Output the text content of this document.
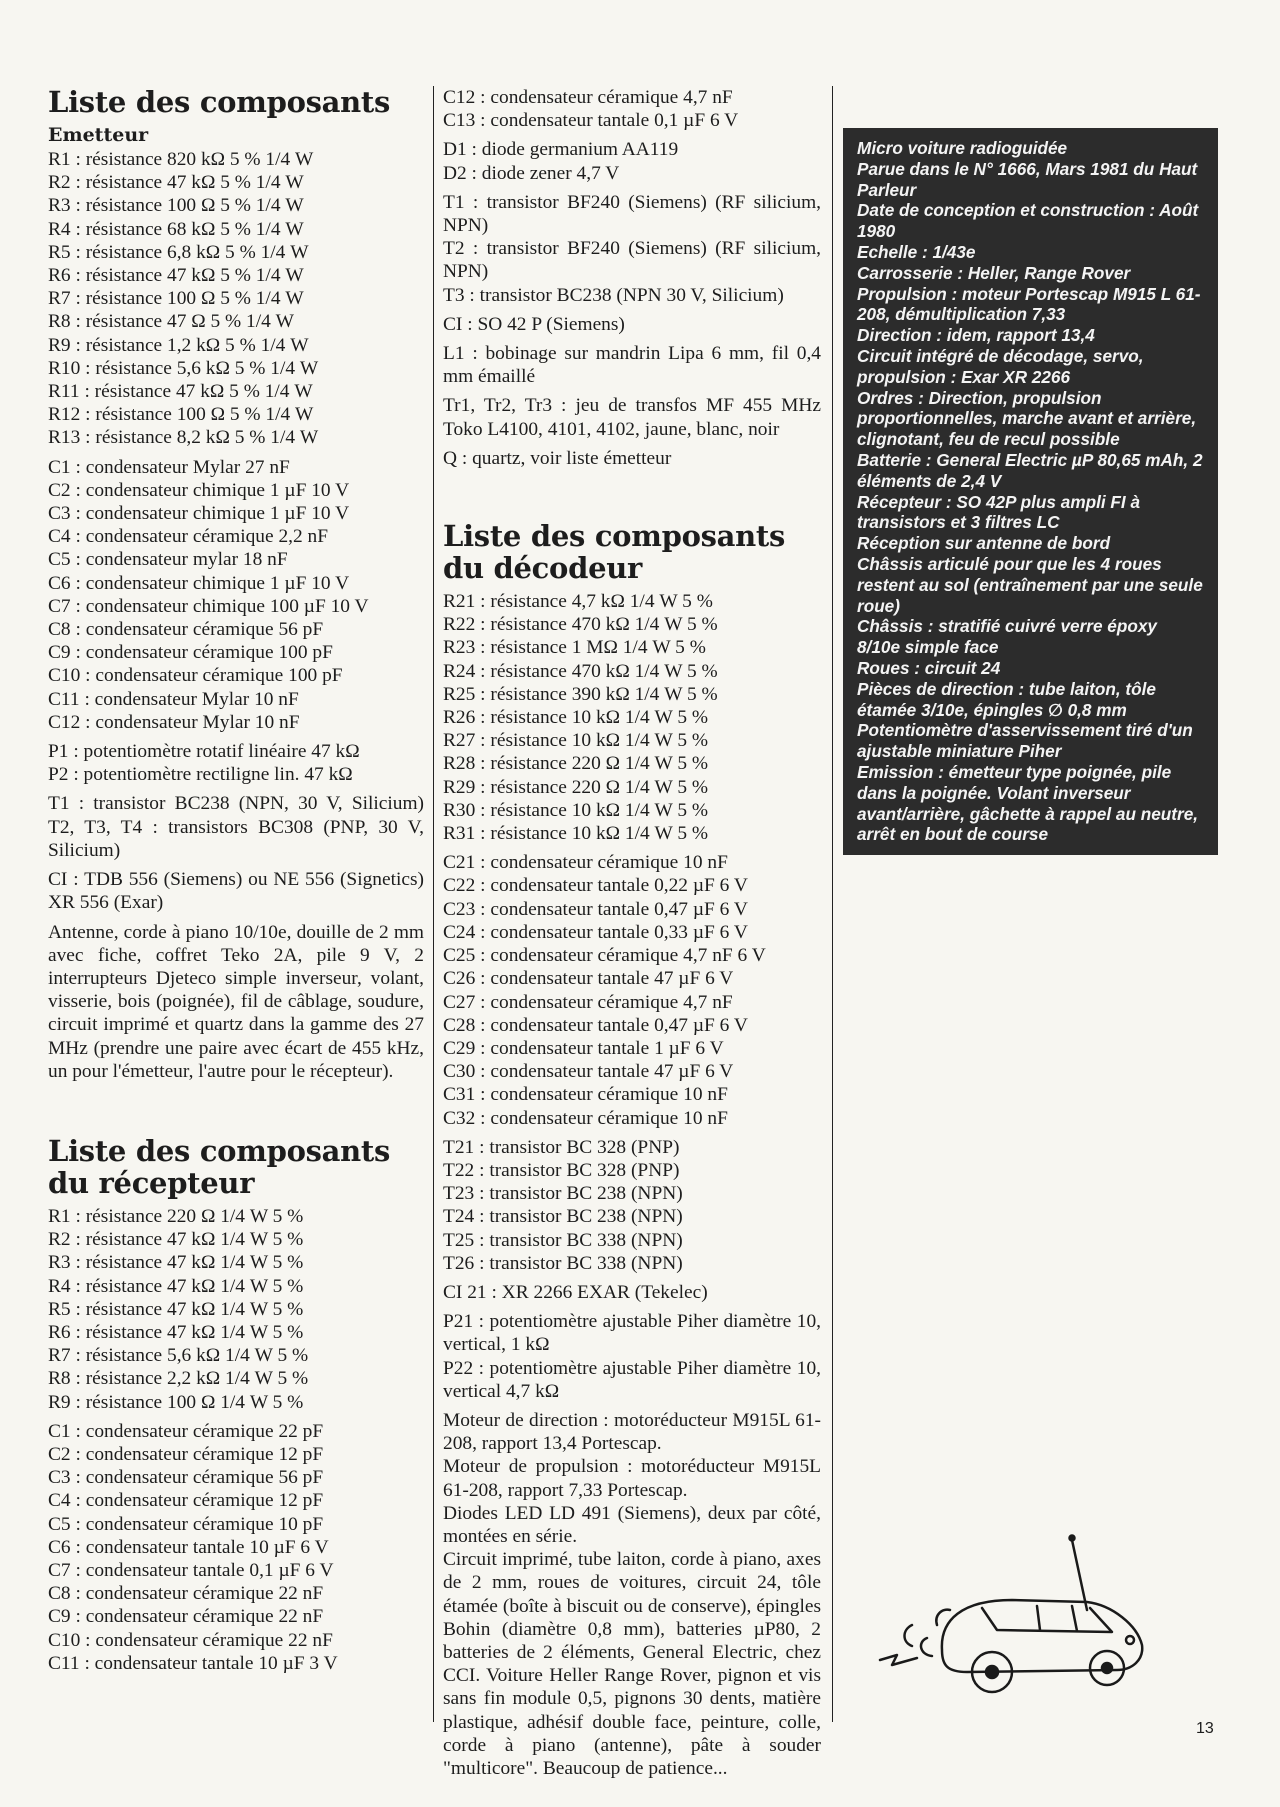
Liste des composants
Emetteur
R1 : résistance 820 kΩ 5 % 1/4 W
R2 : résistance 47 kΩ 5 % 1/4 W
R3 : résistance 100 Ω 5 % 1/4 W
R4 : résistance 68 kΩ 5 % 1/4 W
R5 : résistance 6,8 kΩ 5 % 1/4 W
R6 : résistance 47 kΩ 5 % 1/4 W
R7 : résistance 100 Ω 5 % 1/4 W
R8 : résistance 47 Ω 5 % 1/4 W
R9 : résistance 1,2 kΩ 5 % 1/4 W
R10 : résistance 5,6 kΩ 5 % 1/4 W
R11 : résistance 47 kΩ 5 % 1/4 W
R12 : résistance 100 Ω 5 % 1/4 W
R13 : résistance 8,2 kΩ 5 % 1/4 W
C1 : condensateur Mylar 27 nF
C2 : condensateur chimique 1 µF 10 V
C3 : condensateur chimique 1 µF 10 V
C4 : condensateur céramique 2,2 nF
C5 : condensateur mylar 18 nF
C6 : condensateur chimique 1 µF 10 V
C7 : condensateur chimique 100 µF 10 V
C8 : condensateur céramique 56 pF
C9 : condensateur céramique 100 pF
C10 : condensateur céramique 100 pF
C11 : condensateur Mylar 10 nF
C12 : condensateur Mylar 10 nF
P1 : potentiomètre rotatif linéaire 47 kΩ
P2 : potentiomètre rectiligne lin. 47 kΩ

T1 : transistor BC238 (NPN, 30 V, Silicium) T2, T3, T4 : transistors BC308 (PNP, 30 V, Silicium)

CI : TDB 556 (Siemens) ou NE 556 (Signetics) XR 556 (Exar)

Antenne, corde à piano 10/10e, douille de 2 mm avec fiche, coffret Teko 2A, pile 9 V, 2 interrupteurs Djeteco simple inverseur, volant, visserie, bois (poignée), fil de câblage, soudure, circuit imprimé et quartz dans la gamme des 27 MHz (prendre une paire avec écart de 455 kHz, un pour l'émetteur, l'autre pour le récepteur).

Liste des composants du récepteur
R1 : résistance 220 Ω 1/4 W 5 %
R2 : résistance 47 kΩ 1/4 W 5 %
R3 : résistance 47 kΩ 1/4 W 5 %
R4 : résistance 47 kΩ 1/4 W 5 %
R5 : résistance 47 kΩ 1/4 W 5 %
R6 : résistance 47 kΩ 1/4 W 5 %
R7 : résistance 5,6 kΩ 1/4 W 5 %
R8 : résistance 2,2 kΩ 1/4 W 5 %
R9 : résistance 100 Ω 1/4 W 5 %
C1 : condensateur céramique 22 pF
C2 : condensateur céramique 12 pF
C3 : condensateur céramique 56 pF
C4 : condensateur céramique 12 pF
C5 : condensateur céramique 10 pF
C6 : condensateur tantale 10 µF 6 V
C7 : condensateur tantale 0,1 µF 6 V
C8 : condensateur céramique 22 nF
C9 : condensateur céramique 22 nF
C10 : condensateur céramique 22 nF
C11 : condensateur tantale 10 µF 3 V
C12 : condensateur céramique 4,7 nF
C13 : condensateur tantale 0,1 µF 6 V
D1 : diode germanium AA119
D2 : diode zener 4,7 V

T1 : transistor BF240 (Siemens) (RF silicium, NPN)

T2 : transistor BF240 (Siemens) (RF silicium, NPN)

T3 : transistor BC238 (NPN 30 V, Silicium)

CI : SO 42 P (Siemens)

L1 : bobinage sur mandrin Lipa 6 mm, fil 0,4 mm émaillé

Tr1, Tr2, Tr3 : jeu de transfos MF 455 MHz Toko L4100, 4101, 4102, jaune, blanc, noir

Q : quartz, voir liste émetteur

Liste des composants du décodeur
R21 : résistance 4,7 kΩ 1/4 W 5 %
R22 : résistance 470 kΩ 1/4 W 5 %
R23 : résistance 1 MΩ 1/4 W 5 %
R24 : résistance 470 kΩ 1/4 W 5 %
R25 : résistance 390 kΩ 1/4 W 5 %
R26 : résistance 10 kΩ 1/4 W 5 %
R27 : résistance 10 kΩ 1/4 W 5 %
R28 : résistance 220 Ω 1/4 W 5 %
R29 : résistance 220 Ω 1/4 W 5 %
R30 : résistance 10 kΩ 1/4 W 5 %
R31 : résistance 10 kΩ 1/4 W 5 %
C21 : condensateur céramique 10 nF
C22 : condensateur tantale 0,22 µF 6 V
C23 : condensateur tantale 0,47 µF 6 V
C24 : condensateur tantale 0,33 µF 6 V
C25 : condensateur céramique 4,7 nF 6 V
C26 : condensateur tantale 47 µF 6 V
C27 : condensateur céramique 4,7 nF
C28 : condensateur tantale 0,47 µF 6 V
C29 : condensateur tantale 1 µF 6 V
C30 : condensateur tantale 47 µF 6 V
C31 : condensateur céramique 10 nF
C32 : condensateur céramique 10 nF
T21 : transistor BC 328 (PNP)
T22 : transistor BC 328 (PNP)
T23 : transistor BC 238 (NPN)
T24 : transistor BC 238 (NPN)
T25 : transistor BC 338 (NPN)
T26 : transistor BC 338 (NPN)

CI 21 : XR 2266 EXAR (Tekelec)

P21 : potentiomètre ajustable Piher diamètre 10, vertical, 1 kΩ

P22 : potentiomètre ajustable Piher diamètre 10, vertical 4,7 kΩ

Moteur de direction : motoréducteur M915L 61-208, rapport 13,4 Portescap.

Moteur de propulsion : motoréducteur M915L 61-208, rapport 7,33 Portescap.

Diodes LED LD 491 (Siemens), deux par côté, montées en série.

Circuit imprimé, tube laiton, corde à piano, axes de 2 mm, roues de voitures, circuit 24, tôle étamée (boîte à biscuit ou de conserve), épingles Bohin (diamètre 0,8 mm), batteries µP80, 2 batteries de 2 éléments, General Electric, chez CCI. Voiture Heller Range Rover, pignon et vis sans fin module 0,5, pignons 30 dents, matière plastique, adhésif double face, peinture, colle, corde à piano (antenne), pâte à souder "multicore". Beaucoup de patience...

Micro voiture radioguidée
Parue dans le N° 1666, Mars 1981 du Haut Parleur
Date de conception et construction : Août 1980
Echelle : 1/43e
Carrosserie : Heller, Range Rover
Propulsion : moteur Portescap M915 L 61-208, démultiplication 7,33
Direction : idem, rapport 13,4
Circuit intégré de décodage, servo, propulsion : Exar XR 2266
Ordres : Direction, propulsion proportionnelles, marche avant et arrière, clignotant, feu de recul possible
Batterie : General Electric µP 80,65 mAh, 2 éléments de 2,4 V
Récepteur : SO 42P plus ampli FI à transistors et 3 filtres LC
Réception sur antenne de bord
Châssis articulé pour que les 4 roues restent au sol (entraînement par une seule roue)
Châssis : stratifié cuivré verre époxy 8/10e simple face
Roues : circuit 24
Pièces de direction : tube laiton, tôle étamée 3/10e, épingles ∅ 0,8 mm
Potentiomètre d'asservissement tiré d'un ajustable miniature Piher
Emission : émetteur type poignée, pile dans la poignée. Volant inverseur avant/arrière, gâchette à rappel au neutre, arrêt en bout de course
13
